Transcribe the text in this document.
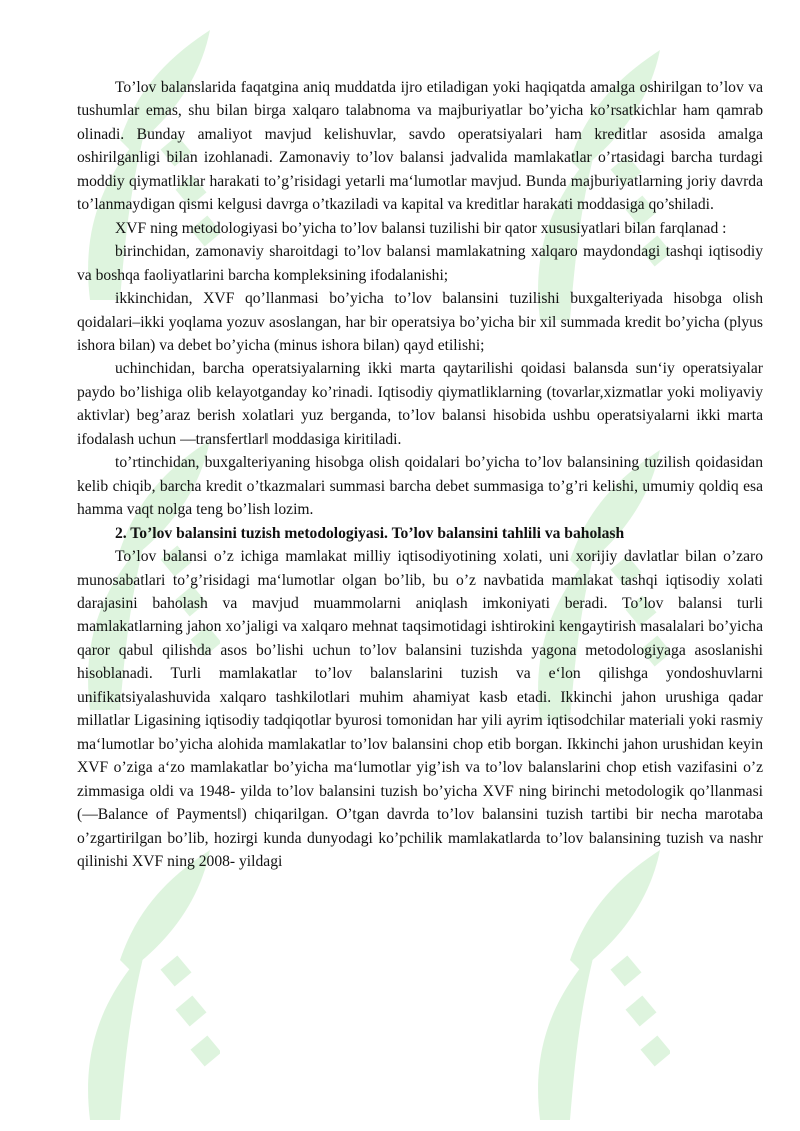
To’lov balanslarida faqatgina aniq muddatda ijro etiladigan yoki haqiqatda amalga oshirilgan to’lov va tushumlar emas, shu bilan birga xalqaro talabnoma va majburiyatlar bo’yicha ko’rsatkichlar ham qamrab olinadi. Bunday amaliyot mavjud kelishuvlar, savdo operatsiyalari ham kreditlar asosida amalga oshirilganligi bilan izohlanadi. Zamonaviy to’lov balansi jadvalida mamlakatlar o’rtasidagi barcha turdagi moddiy qiymatliklar harakati to’g’risidagi yetarli maʻlumotlar mavjud. Bunda majburiyatlarning joriy davrda to’lanmaydigan qismi kelgusi davrga o’tkaziladi va kapital va kreditlar harakati moddasiga qo’shiladi.

XVF ning metodologiyasi bo’yicha to’lov balansi tuzilishi bir qator xususiyatlari bilan farqlanad :

birinchidan, zamonaviy sharoitdagi to’lov balansi mamlakatning xalqaro maydondagi tashqi iqtisodiy va boshqa faoliyatlarini barcha kompleksining ifodalanishi;

ikkinchidan, XVF qo’llanmasi bo’yicha to’lov balansini tuzilishi buxgalteriyada hisobga olish qoidalari–ikki yoqlama yozuv asoslangan, har bir operatsiya bo’yicha bir xil summada kredit bo’yicha (plyus ishora bilan) va debet bo’yicha (minus ishora bilan) qayd etilishi;

uchinchidan, barcha operatsiyalarning ikki marta qaytarilishi qoidasi balansda sunʻiy operatsiyalar paydo bo’lishiga olib kelayotganday ko’rinadi. Iqtisodiy qiymatliklarning (tovarlar,xizmatlar yoki moliyaviy aktivlar) beg’araz berish xolatlari yuz berganda, to’lov balansi hisobida ushbu operatsiyalarni ikki marta ifodalash uchun ―transfertlar‖ moddasiga kiritiladi.

to’rtinchidan, buxgalteriyaning hisobga olish qoidalari bo’yicha to’lov balansining tuzilish qoidasidan kelib chiqib, barcha kredit o’tkazmalari summasi barcha debet summasiga to’g’ri kelishi, umumiy qoldiq esa hamma vaqt nolga teng bo’lish lozim.

2. To’lov balansini tuzish metodologiyasi. To’lov balansini tahlili va baholash

To’lov balansi o’z ichiga mamlakat milliy iqtisodiyotining xolati, uni xorijiy davlatlar bilan o’zaro munosabatlari to’g’risidagi maʻlumotlar olgan bo’lib, bu o’z navbatida mamlakat tashqi iqtisodiy xolati darajasini baholash va mavjud muammolarni aniqlash imkoniyati beradi. To’lov balansi turli mamlakatlarning jahon xo’jaligi va xalqaro mehnat taqsimotidagi ishtirokini kengaytirish masalalari bo’yicha qaror qabul qilishda asos bo’lishi uchun to’lov balansini tuzishda yagona metodologiyaga asoslanishi hisoblanadi. Turli mamlakatlar to’lov balanslarini tuzish va eʻlon qilishga yondoshuvlarni unifikatsiyalashuvida xalqaro tashkilotlari muhim ahamiyat kasb etadi. Ikkinchi jahon urushiga qadar millatlar Ligasining iqtisodiy tadqiqotlar byurosi tomonidan har yili ayrim iqtisodchilar materiali yoki rasmiy maʻlumotlar bo’yicha alohida mamlakatlar to’lov balansini chop etib borgan. Ikkinchi jahon urushidan keyin XVF o’ziga aʻzo mamlakatlar bo’yicha maʻlumotlar yig’ish va to’lov balanslarini chop etish vazifasini o’z zimmasiga oldi va 1948- yilda to’lov balansini tuzish bo’yicha XVF ning birinchi metodologik qo’llanmasi (―Balance of Payments‖) chiqarilgan. O’tgan davrda to’lov balansini tuzish tartibi bir necha marotaba o’zgartirilgan bo’lib, hozirgi kunda dunyodagi ko’pchilik mamlakatlarda to’lov balansining tuzish va nashr qilinishi XVF ning 2008- yildagi
